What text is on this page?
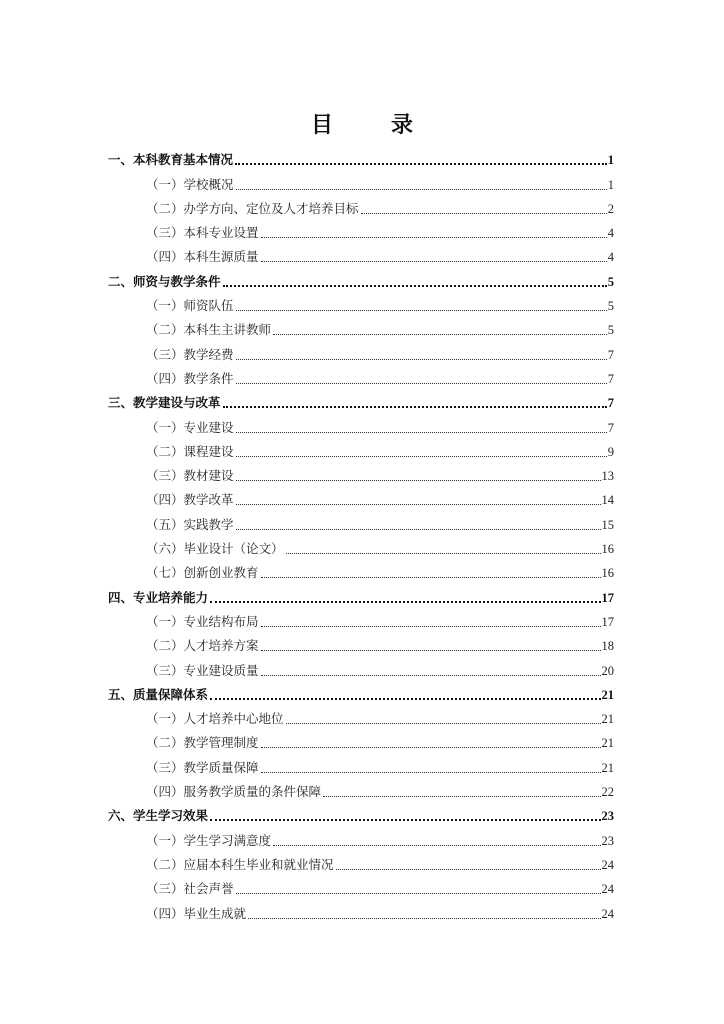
目　录
一、本科教育基本情况	1
（一）学校概况	1
（二）办学方向、定位及人才培养目标	2
（三）本科专业设置	4
（四）本科生源质量	4
二、师资与教学条件	5
（一）师资队伍	5
（二）本科生主讲教师	5
（三）教学经费	7
（四）教学条件	7
三、教学建设与改革	7
（一）专业建设	7
（二）课程建设	9
（三）教材建设	13
（四）教学改革	14
（五）实践教学	15
（六）毕业设计（论文）	16
（七）创新创业教育	16
四、专业培养能力	17
（一）专业结构布局	17
（二）人才培养方案	18
（三）专业建设质量	20
五、质量保障体系	21
（一）人才培养中心地位	21
（二）教学管理制度	21
（三）教学质量保障	21
（四）服务教学质量的条件保障	22
六、学生学习效果	23
（一）学生学习满意度	23
（二）应届本科生毕业和就业情况	24
（三）社会声誉	24
（四）毕业生成就	24
